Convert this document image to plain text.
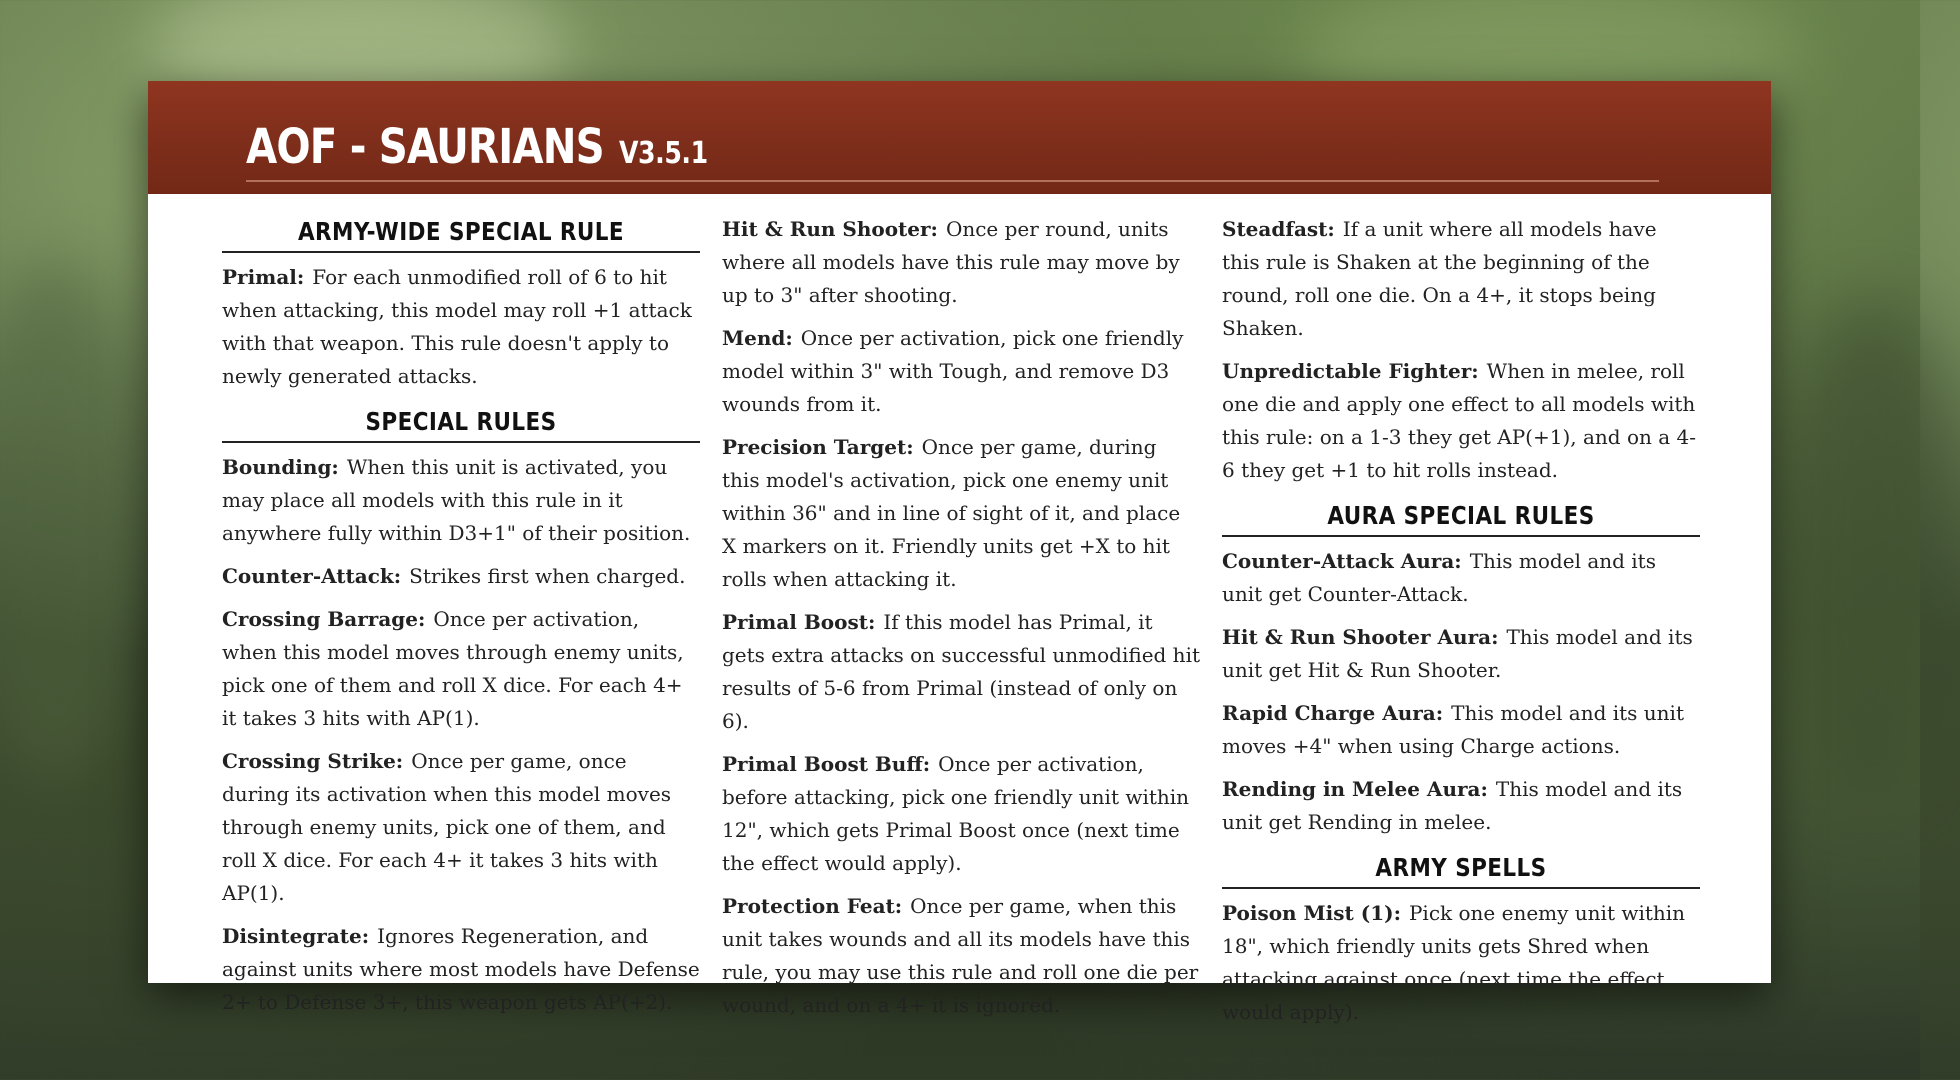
AOF - SAURIANS V3.5.1
ARMY-WIDE SPECIAL RULE

Primal: For each unmodified roll of 6 to hit when attacking, this model may roll +1 attack with that weapon. This rule doesn't apply to newly generated attacks.

SPECIAL RULES

Bounding: When this unit is activated, you may place all models with this rule in it anywhere fully within D3+1" of their position.

Counter-Attack: Strikes first when charged.

Crossing Barrage: Once per activation, when this model moves through enemy units, pick one of them and roll X dice. For each 4+ it takes 3 hits with AP(1).

Crossing Strike: Once per game, once during its activation when this model moves through enemy units, pick one of them, and roll X dice. For each 4+ it takes 3 hits with AP(1).

Disintegrate: Ignores Regeneration, and against units where most models have Defense 2+ to Defense 3+, this weapon gets AP(+2).

Hit & Run Shooter: Once per round, units where all models have this rule may move by up to 3" after shooting.

Mend: Once per activation, pick one friendly model within 3" with Tough, and remove D3 wounds from it.

Precision Target: Once per game, during this model's activation, pick one enemy unit within 36" and in line of sight of it, and place X markers on it. Friendly units get +X to hit rolls when attacking it.

Primal Boost: If this model has Primal, it gets extra attacks on successful unmodified hit results of 5-6 from Primal (instead of only on 6).

Primal Boost Buff: Once per activation, before attacking, pick one friendly unit within 12", which gets Primal Boost once (next time the effect would apply).

Protection Feat: Once per game, when this unit takes wounds and all its models have this rule, you may use this rule and roll one die per wound, and on a 4+ it is ignored.

Steadfast: If a unit where all models have this rule is Shaken at the beginning of the round, roll one die. On a 4+, it stops being Shaken.

Unpredictable Fighter: When in melee, roll one die and apply one effect to all models with this rule: on a 1-3 they get AP(+1), and on a 4-6 they get +1 to hit rolls instead.

AURA SPECIAL RULES

Counter-Attack Aura: This model and its unit get Counter-Attack.

Hit & Run Shooter Aura: This model and its unit get Hit & Run Shooter.

Rapid Charge Aura: This model and its unit moves +4" when using Charge actions.

Rending in Melee Aura: This model and its unit get Rending in melee.

ARMY SPELLS

Poison Mist (1): Pick one enemy unit within 18", which friendly units gets Shred when attacking against once (next time the effect would apply).
